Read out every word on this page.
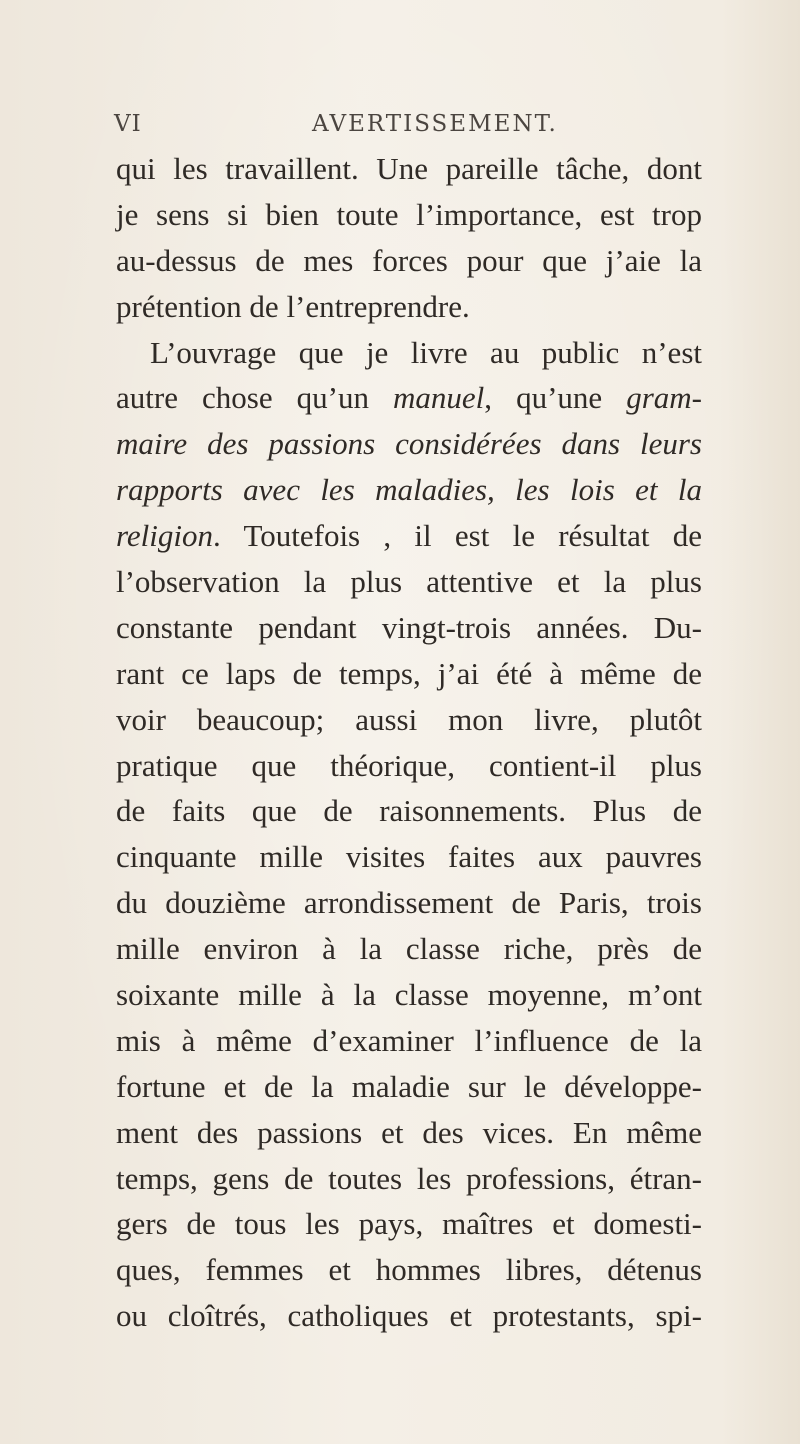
VI	AVERTISSEMENT.
qui les travaillent. Une pareille tâche, dont
je sens si bien toute l’importance, est trop
au-dessus de mes forces pour que j’aie la
prétention de l’entreprendre.
L’ouvrage que je livre au public n’est
autre chose qu’un manuel, qu’une gram-
maire des passions considérées dans leurs
rapports avec les maladies, les lois et la
religion. Toutefois , il est le résultat de
l’observation la plus attentive et la plus
constante pendant vingt-trois années. Du-
rant ce laps de temps, j’ai été à même de
voir beaucoup; aussi mon livre, plutôt
pratique que théorique, contient-il plus
de faits que de raisonnements. Plus de
cinquante mille visites faites aux pauvres
du douzième arrondissement de Paris, trois
mille environ à la classe riche, près de
soixante mille à la classe moyenne, m’ont
mis à même d’examiner l’influence de la
fortune et de la maladie sur le développe-
ment des passions et des vices. En même
temps, gens de toutes les professions, étran-
gers de tous les pays, maîtres et domesti-
ques, femmes et hommes libres, détenus
ou cloîtrés, catholiques et protestants, spi-
